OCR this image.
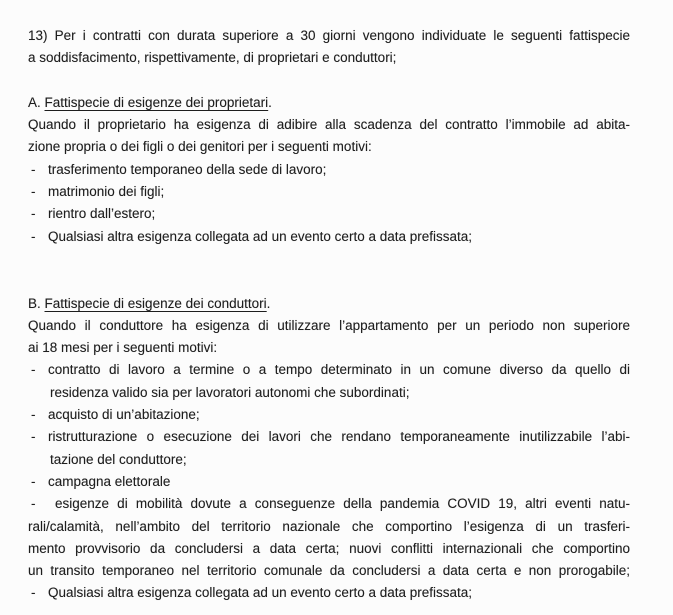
13) Per i contratti con durata superiore a 30 giorni vengono individuate le seguenti fattispecie
a soddisfacimento, rispettivamente, di proprietari e conduttori;
A. Fattispecie di esigenze dei proprietari.
Quando il proprietario ha esigenza di adibire alla scadenza del contratto l’immobile ad abita-
zione propria o dei figli o dei genitori per i seguenti motivi:
- trasferimento temporaneo della sede di lavoro;
- matrimonio dei figli;
- rientro dall’estero;
- Qualsiasi altra esigenza collegata ad un evento certo a data prefissata;
B. Fattispecie di esigenze dei conduttori.
Quando il conduttore ha esigenza di utilizzare l’appartamento per un periodo non superiore
ai 18 mesi per i seguenti motivi:
- contratto di lavoro a termine o a tempo determinato in un comune diverso da quello di
residenza valido sia per lavoratori autonomi che subordinati;
- acquisto di un’abitazione;
- ristrutturazione o esecuzione dei lavori che rendano temporaneamente inutilizzabile l’abi-
tazione del conduttore;
- campagna elettorale
-	esigenze di mobilità dovute a conseguenze della pandemia COVID 19, altri eventi natu-
rali/calamità, nell’ambito del territorio nazionale che comportino l’esigenza di un trasferi-
mento provvisorio da concludersi a data certa; nuovi conflitti internazionali che comportino
un transito temporaneo nel territorio comunale da concludersi a data certa e non prorogabile;
- Qualsiasi altra esigenza collegata ad un evento certo a data prefissata;
